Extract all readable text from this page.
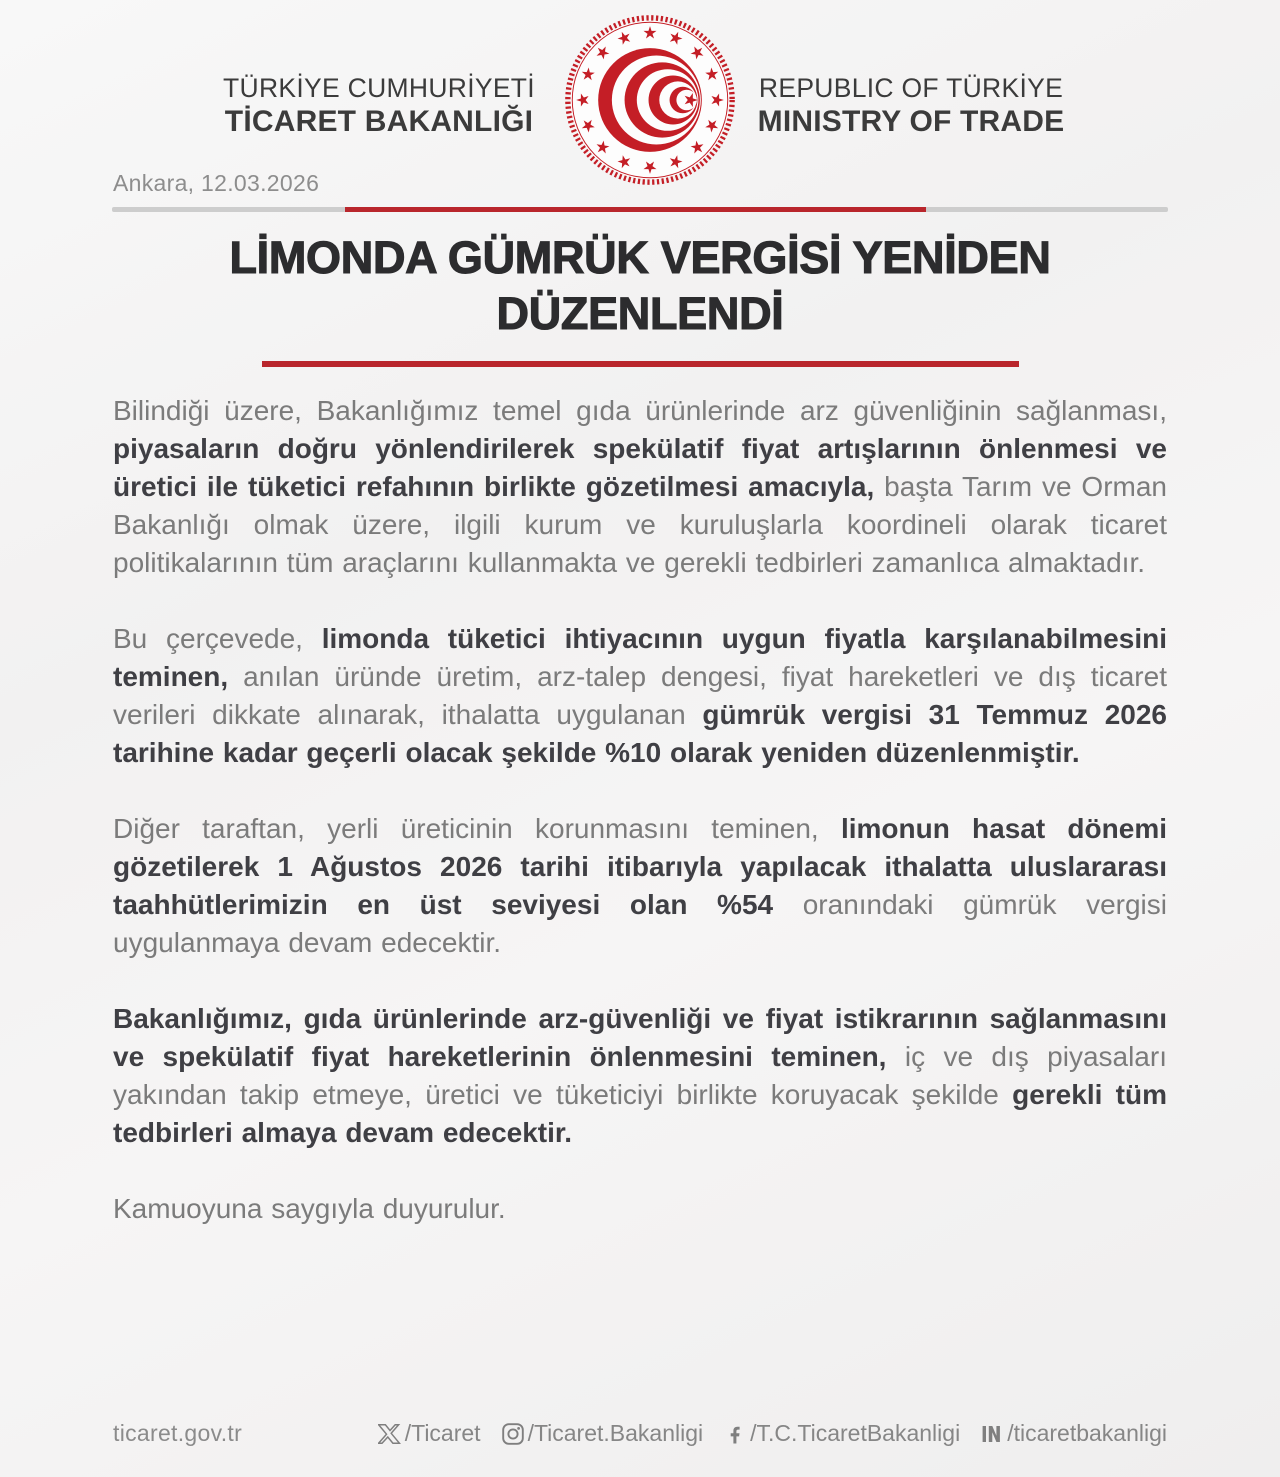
TÜRKİYE CUMHURİYETİ
TİCARET BAKANLIĞI
REPUBLIC OF TÜRKİYE
MINISTRY OF TRADE
Ankara, 12.03.2026
LİMONDA GÜMRÜK VERGİSİ YENİDEN
DÜZENLENDİ

Bilindiği üzere, Bakanlığımız temel gıda ürünlerinde arz güvenliğinin sağlanması, piyasaların doğru yönlendirilerek spekülatif fiyat artışlarının önlenmesi ve üretici ile tüketici refahının birlikte gözetilmesi amacıyla, başta Tarım ve Orman Bakanlığı olmak üzere, ilgili kurum ve kuruluşlarla koordineli olarak ticaret politikalarının tüm araçlarını kullanmakta ve gerekli tedbirleri zamanlıca almaktadır.

Bu çerçevede, limonda tüketici ihtiyacının uygun fiyatla karşılanabilmesini teminen, anılan üründe üretim, arz-talep dengesi, fiyat hareketleri ve dış ticaret verileri dikkate alınarak, ithalatta uygulanan gümrük vergisi 31 Temmuz 2026 tarihine kadar geçerli olacak şekilde %10 olarak yeniden düzenlenmiştir.

Diğer taraftan, yerli üreticinin korunmasını teminen, limonun hasat dönemi gözetilerek 1 Ağustos 2026 tarihi itibarıyla yapılacak ithalatta uluslararası taahhütlerimizin en üst seviyesi olan %54 oranındaki gümrük vergisi uygulanmaya devam edecektir.

Bakanlığımız, gıda ürünlerinde arz-güvenliği ve fiyat istikrarının sağlanmasını ve spekülatif fiyat hareketlerinin önlenmesini teminen, iç ve dış piyasaları yakından takip etmeye, üretici ve tüketiciyi birlikte koruyacak şekilde gerekli tüm tedbirleri almaya devam edecektir.

Kamuoyuna saygıyla duyurulur.

ticaret.gov.tr	/Ticaret /Ticaret.Bakanligi /T.C.TicaretBakanligi /ticaretbakanligi
